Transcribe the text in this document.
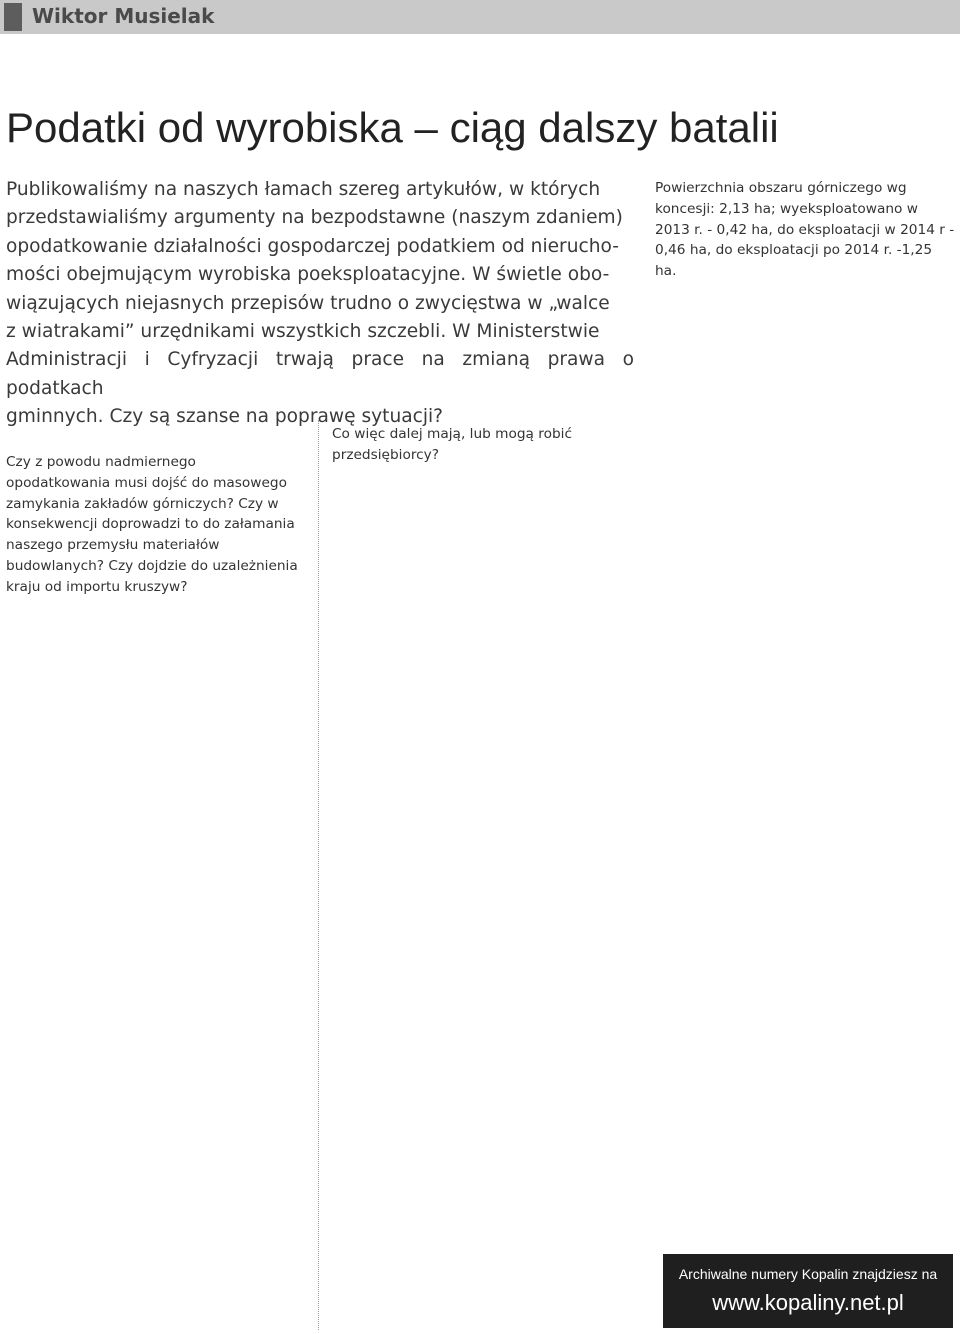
Wiktor Musielak
Podatki od wyrobiska – ciąg dalszy batalii
Publikowaliśmy na naszych łamach szereg artykułów, w których
przedstawialiśmy argumenty na bezpodstawne (naszym zdaniem)
opodatkowanie działalności gospodarczej podatkiem od nierucho-
mości obejmującym wyrobiska poeksploatacyjne. W świetle obo-
wiązujących niejasnych przepisów trudno o zwycięstwa w „walce
z wiatrakami” urzędnikami wszystkich szczebli. W Ministerstwie
Administracji i Cyfryzacji trwają prace na zmianą prawa o podatkach
gminnych. Czy są szanse na poprawę sytuacji?

Czy z powodu nadmiernego opodatkowania musi dojść do masowego zamykania zakładów górniczych? Czy w konsekwencji doprowadzi to do załamania naszego przemysłu materiałów budowlanych? Czy dojdzie do uzależnienia kraju od importu kruszyw?

Co więc dalej mają, lub mogą robić przedsiębiorcy?

Powierzchnia obszaru górniczego wg koncesji: 2,13 ha; wyeksploatowano w 2013 r. - 0,42 ha, do eksploatacji w 2014 r - 0,46 ha, do eksploatacji po 2014 r. -1,25 ha.

Archiwalne numery Kopalin znajdziesz na
www.kopaliny.net.pl
